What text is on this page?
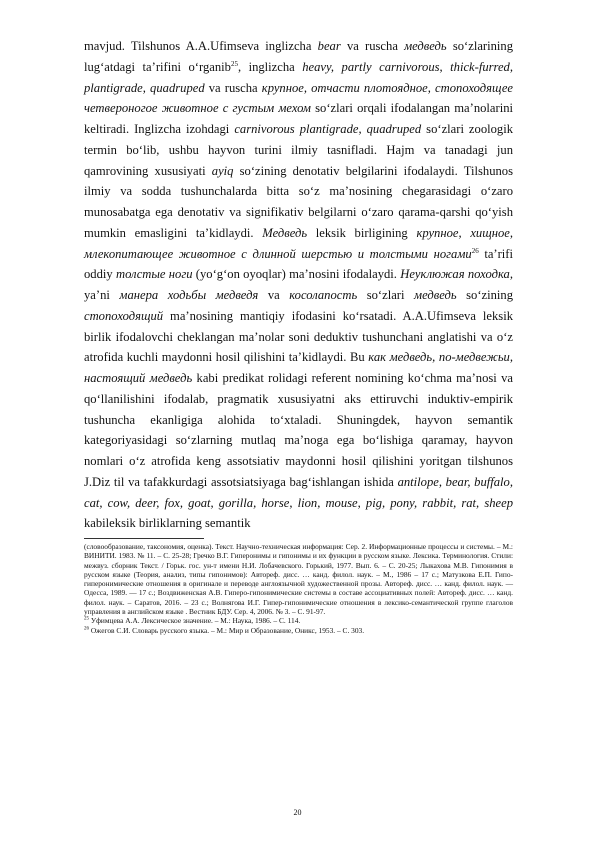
mavjud. Tilshunos A.A.Ufimseva inglizcha bear va ruscha медведь so‘zlarining lug‘atdagi ta’rifini o‘rganib$^{25}$, inglizcha heavy, partly carnivorous, thick-furred, plantigrade, quadruped va ruscha крупное, отчасти плотоядное, стопоходящее четвероногое животное с густым мехом so‘zlari orqali ifodalangan ma’nolarini keltiradi. Inglizcha izohdagi carnivorous plantigrade, quadruped so‘zlari zoologik termin bo‘lib, ushbu hayvon turini ilmiy tasnifladi. Hajm va tanadagi jun qamrovining xususiyati ayiq so‘zining denotativ belgilarini ifodalaydi. Tilshunos ilmiy va sodda tushunchalarda bitta so‘z ma’nosining chegarasidagi o‘zaro munosabatga ega denotativ va signifikativ belgilarni o‘zaro qarama-qarshi qo‘yish mumkin emasligini ta’kidlaydi. Медведь leksik birligining крупное, хищное, млекопитающее животное с длинной шерстью и толстыми ногами$^{26}$ ta’rifi oddiy толстые ноги (yo‘g‘on oyoqlar) ma’nosini ifodalaydi. Неуклюжая походка, ya’ni манера ходьбы медведя va косолапость so‘zlari медведь so‘zining стопоходящий ma’nosining mantiqiy ifodasini ko‘rsatadi. A.A.Ufimseva leksik birlik ifodalovchi cheklangan ma’nolar soni deduktiv tushunchani anglatishi va o‘z atrofida kuchli maydonni hosil qilishini ta’kidlaydi. Bu как медведь, по-медвежьи, настоящий медведь kabi predikat rolidagi referent nomining ko‘chma ma’nosi va qo‘llanilishini ifodalab, pragmatik xususiyatni aks ettiruvchi induktiv-empirik tushuncha ekanligiga alohida to‘xtaladi. Shuningdek, hayvon semantik kategoriyasidagi so‘zlarning mutlaq ma’noga ega bo‘lishiga qaramay, hayvon nomlari o‘z atrofida keng assotsiativ maydonni hosil qilishini yoritgan tilshunos J.Diz til va tafakkurdagi assotsiatsiyaga bag‘ishlangan ishida antilope, bear, buffalo, cat, cow, deer, fox, goat, gorilla, horse, lion, mouse, pig, pony, rabbit, rat, sheep kabileksik birliklarning semantik

(словообразование, таксономия, оценка). Текст. Научно-техническая информация: Сер. 2. Информационные процессы и системы. – М.: ВИНИТИ. 1983. № 11. – С. 25-28; Гречко В.Г. Гиперонимы и гипонимы и их функции в русском языке. Лексика. Терминология. Стили: межвуз. сборник Текст. / Горьк. гос. ун-т имени Н.И. Лобачевского. Горький, 1977. Вып. 6. – С. 20-25; Лыкахова М.В. Гипонимия в русском языке (Теория, анализ, типы гипонимов): Автореф. дисс. … канд. филол. наук. – М., 1986 – 17 с.; Матузкова Е.П. Гипо-гиперонимические отношения в оригинале и переводе англоязычной художественной прозы. Автореф. дисс. … канд. филол. наук. — Одесса, 1989. — 17 с.; Воздвиженская А.В. Гиперо-гипонимические системы в составе ассоциативных полей: Автореф. дисс. … канд. филол. наук. – Саратов, 2016. – 23 с.; Волнягова И.Г. Гипер-гипонимические отношения в лексико-семантической группе глаголов управления в английском языке . Вестник БДУ. Сер. 4, 2006. № 3. – С. 91-97.

$^{25}$ Уфимцева А.А. Лексическое значение. – М.: Наука, 1986. – С. 114.

$^{26}$ Ожегов С.И. Словарь русского языка. – М.: Мир и Образование, Оникс, 1953. – С. 303.

20
